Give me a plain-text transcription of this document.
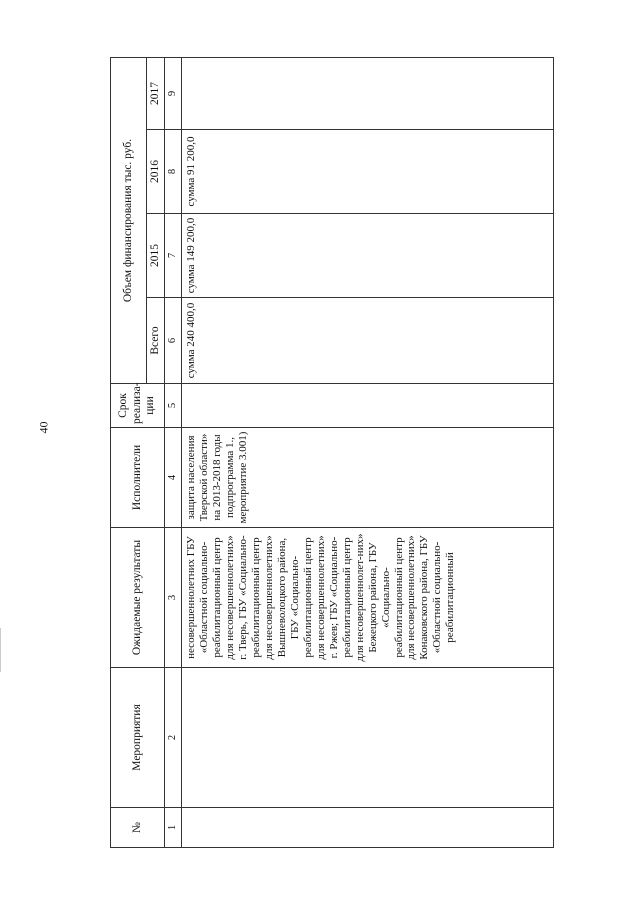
40
№	Мероприятия	Ожидаемые результаты	Исполнители	Срок реализа-ции	Объем финансирования тыс. руб.			
					Всего	2015	2016	2017
1	2	3	4	5	6	7	8	9
		несовершеннолетних ГБУ «Областной социально-реабилитационный центр для несовершеннолетних» г. Тверь, ГБУ «Социально-реабилитационный центр для несовершеннолетних» Вышневолоцкого района, ГБУ «Социально-реабилитационный центр для несовершеннолетних» г. Ржев; ГБУ «Социально-реабилитационный центр для несовершеннолет-них» Бежецкого района, ГБУ «Социально-реабилитационный центр для несовершеннолетних» Конаковского района, ГБУ «Областной социально-реабилитационный	защита населения Тверской области» на 2013-2018 годы подпрограмма 1., мероприятие 3.001)		сумма 240 400,0	сумма 149 200,0	сумма 91 200,0	
